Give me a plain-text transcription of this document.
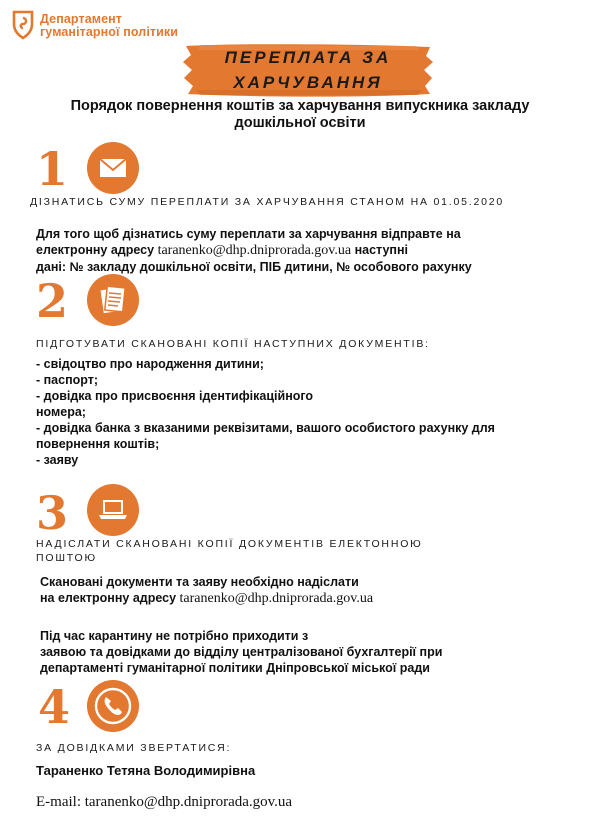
Департамент
гуманітарної політики
ПЕРЕПЛАТА ЗА
ХАРЧУВАННЯ
Порядок повернення коштів за харчування випускника закладу
дошкільної освіти
1
ДІЗНАТИСЬ СУМУ ПЕРЕПЛАТИ ЗА ХАРЧУВАННЯ СТАНОМ НА 01.05.2020
Для того щоб дізнатись суму переплати за харчування відправте на
електронну адресу taranenko@dhp.dniprorada.gov.ua наступні
дані: № закладу дошкільної освіти, ПІБ дитини, № особового рахунку
2
ПІДГОТУВАТИ СКАНОВАНІ КОПІЇ НАСТУПНИХ ДОКУМЕНТІВ:
- свідоцтво про народження дитини;
- паспорт;
- довідка про присвоєння ідентифікаційного
номера;
- довідка банка з вказаними реквізитами, вашого особистого рахунку для
повернення коштів;
- заяву
3
НАДІСЛАТИ СКАНОВАНІ КОПІЇ ДОКУМЕНТІВ ЕЛЕКТОННОЮ
ПОШТОЮ
Скановані документи та заяву необхідно надіслати
на електронну адресу taranenko@dhp.dniprorada.gov.ua
Під час карантину не потрібно приходити з
заявою та довідками до відділу централізованої бухгалтерії при
департаменті гуманітарної політики Дніпровської міської ради
4
ЗА ДОВІДКАМИ ЗВЕРТАТИСЯ:
Тараненко Тетяна Володимирівна
E-mail: taranenko@dhp.dniprorada.gov.ua
